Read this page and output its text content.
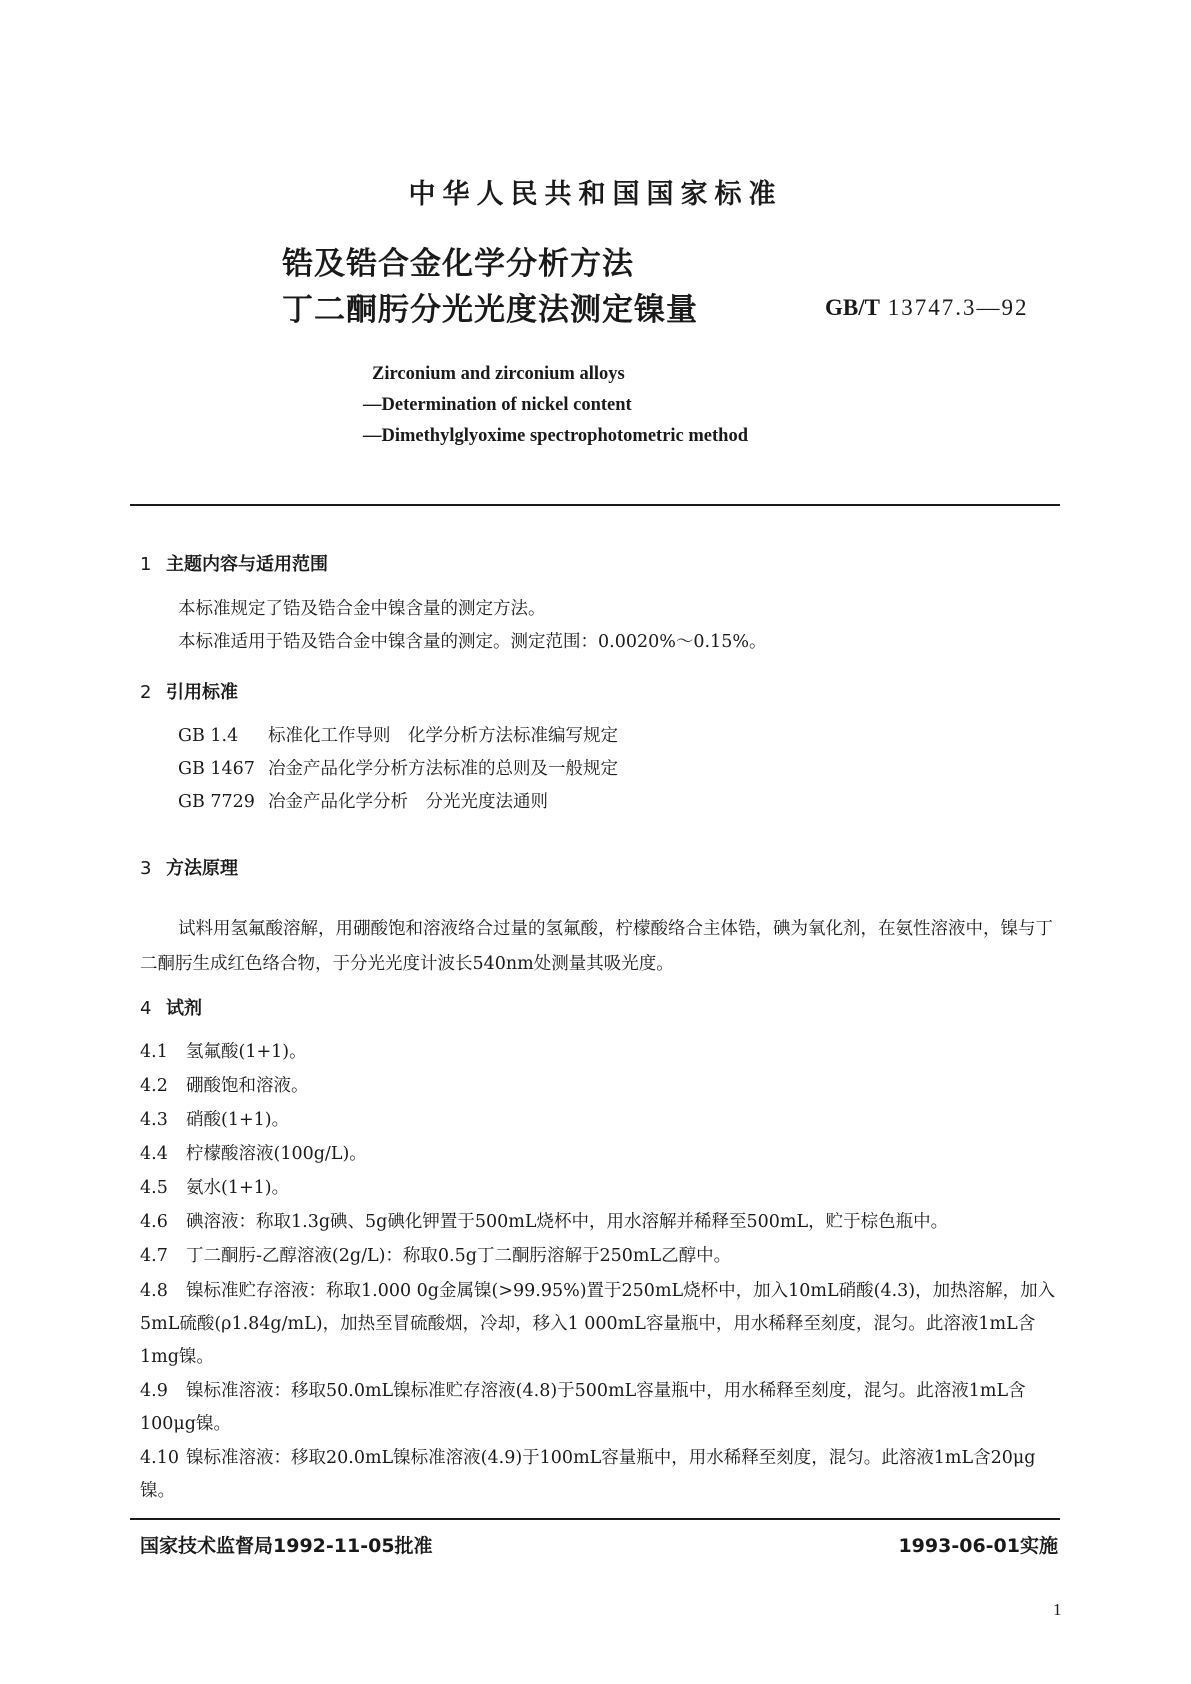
中华人民共和国国家标准
锆及锆合金化学分析方法
丁二酮肟分光光度法测定镍量	GB/T 13747.3—92
Zirconium and zirconium alloys
—Determination of nickel content
—Dimethylglyoxime spectrophotometric method
1 主题内容与适用范围
本标准规定了锆及锆合金中镍含量的测定方法。
本标准适用于锆及锆合金中镍含量的测定。测定范围：0.0020%～0.15%。
2 引用标准
GB 1.4 标准化工作导则　化学分析方法标准编写规定
GB 1467 冶金产品化学分析方法标准的总则及一般规定
GB 7729 冶金产品化学分析　分光光度法通则
3 方法原理
试料用氢氟酸溶解，用硼酸饱和溶液络合过量的氢氟酸，柠檬酸络合主体锆，碘为氧化剂，在氨性溶液中，镍与丁二酮肟生成红色络合物，于分光光度计波长540nm处测量其吸光度。
4 试剂
4.1 氢氟酸(1+1)。
4.2 硼酸饱和溶液。
4.3 硝酸(1+1)。
4.4 柠檬酸溶液(100g/L)。
4.5 氨水(1+1)。
4.6 碘溶液：称取1.3g碘、5g碘化钾置于500mL烧杯中，用水溶解并稀释至500mL，贮于棕色瓶中。
4.7 丁二酮肟-乙醇溶液(2g/L)：称取0.5g丁二酮肟溶解于250mL乙醇中。
4.8 镍标准贮存溶液：称取1.000 0g金属镍(>99.95%)置于250mL烧杯中，加入10mL硝酸(4.3)，加热溶解，加入5mL硫酸(ρ1.84g/mL)，加热至冒硫酸烟，冷却，移入1 000mL容量瓶中，用水稀释至刻度，混匀。此溶液1mL含1mg镍。
4.9 镍标准溶液：移取50.0mL镍标准贮存溶液(4.8)于500mL容量瓶中，用水稀释至刻度，混匀。此溶液1mL含100μg镍。
4.10 镍标准溶液：移取20.0mL镍标准溶液(4.9)于100mL容量瓶中，用水稀释至刻度，混匀。此溶液1mL含20μg镍。
国家技术监督局1992-11-05批准	1993-06-01实施
1
